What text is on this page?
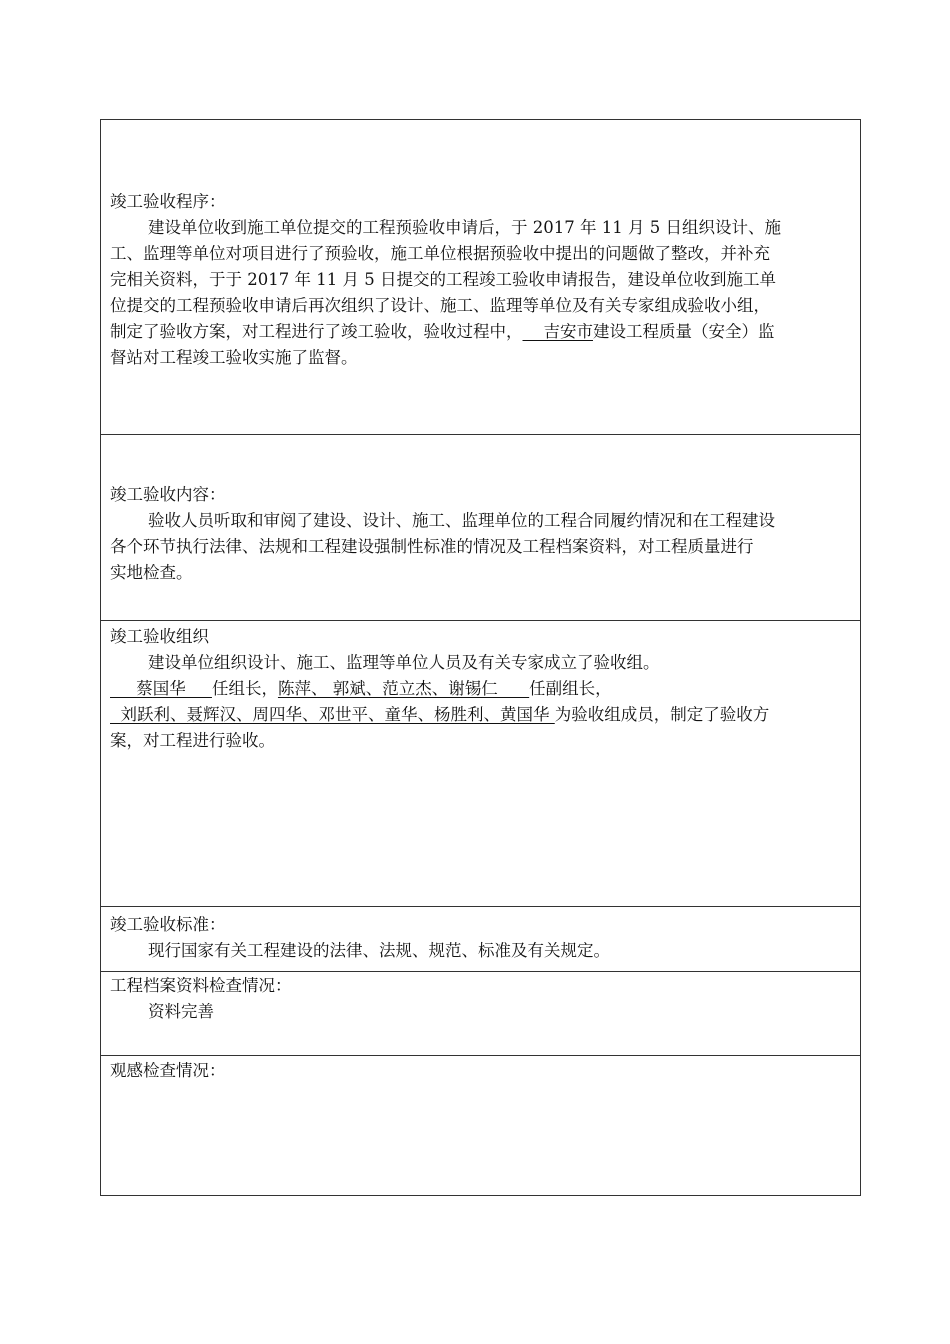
竣工验收程序：

建设单位收到施工单位提交的工程预验收申请后，于 2017 年 11 月 5 日组织设计、施
工、监理等单位对项目进行了预验收，施工单位根据预验收中提出的问题做了整改，并补充
完相关资料，于于 2017 年 11 月 5 日提交的工程竣工验收申请报告，建设单位收到施工单
位提交的工程预验收申请后再次组织了设计、施工、监理等单位及有关专家组成验收小组，
制定了验收方案，对工程进行了竣工验收，验收过程中，    吉安市建设工程质量（安全）监
督站对工程竣工验收实施了监督。

竣工验收内容：

验收人员听取和审阅了建设、设计、施工、监理单位的工程合同履约情况和在工程建设
各个环节执行法律、法规和工程建设强制性标准的情况及工程档案资料，对工程质量进行
实地检查。

竣工验收组织

建设单位组织设计、施工、监理等单位人员及有关专家成立了验收组。
蔡国华     任组长，陈萍、 郭斌、范立杰、谢锡仁      任副组长，
刘跃利、聂辉汉、周四华、邓世平、童华、杨胜利、黄国华 为验收组成员，制定了验收方
案，对工程进行验收。

竣工验收标准：

现行国家有关工程建设的法律、法规、规范、标准及有关规定。

工程档案资料检查情况：

资料完善

观感检查情况：
